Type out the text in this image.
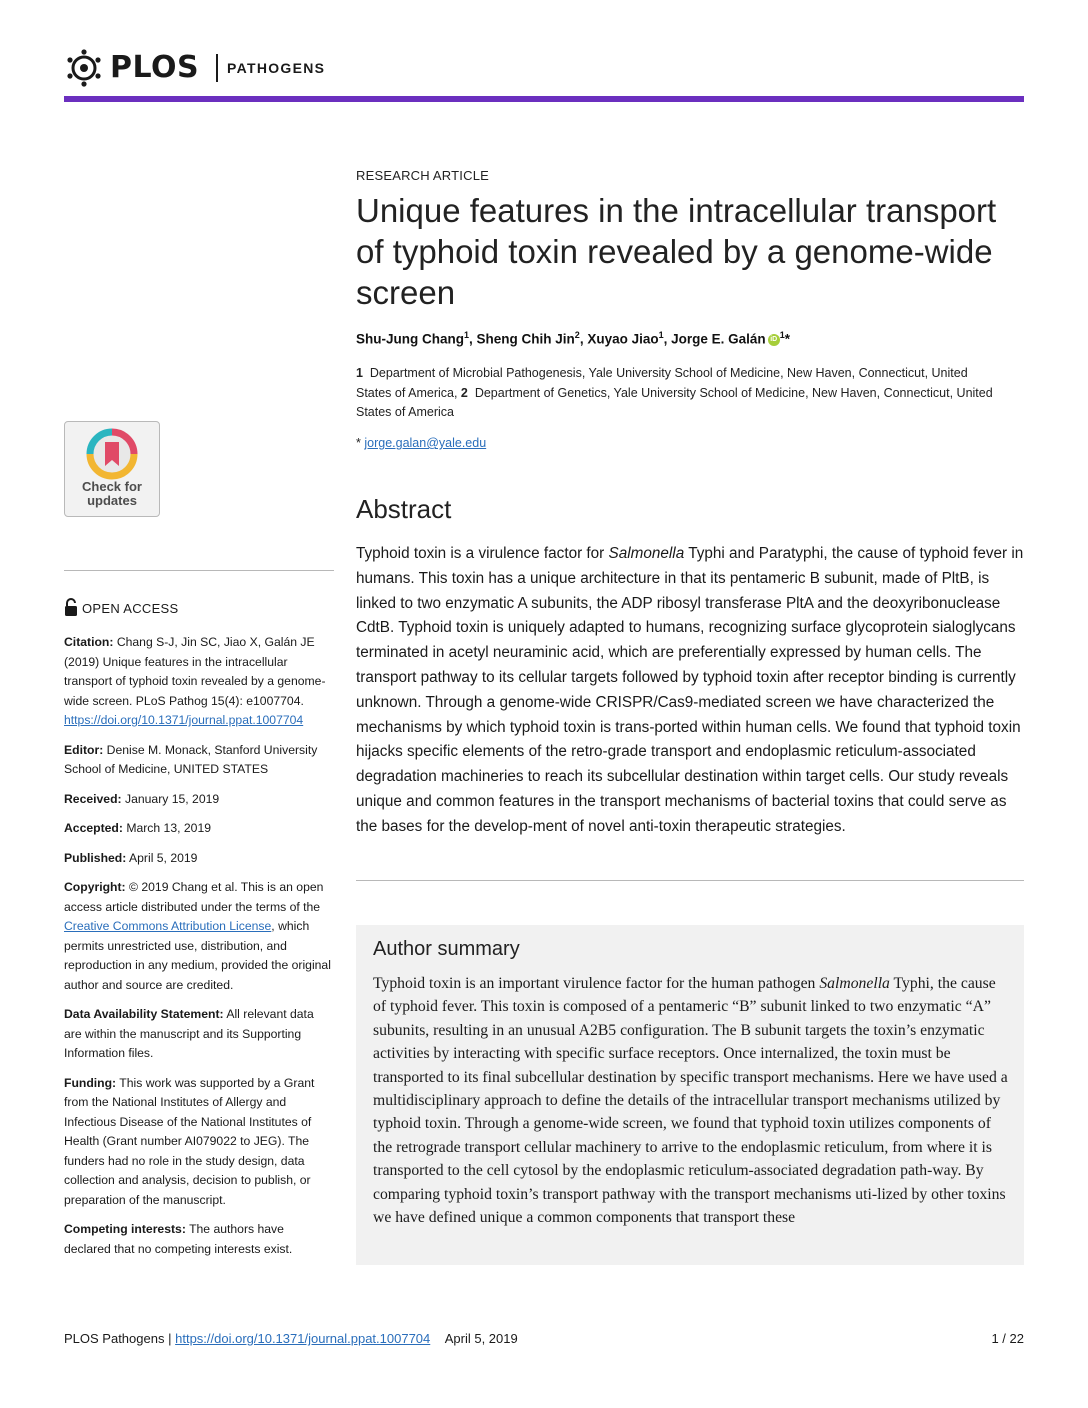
PLOS PATHOGENS
RESEARCH ARTICLE
Unique features in the intracellular transport of typhoid toxin revealed by a genome-wide screen
Shu-Jung Chang$^1$, Sheng Chih Jin$^2$, Xuyao Jiao$^1$, Jorge E. Galán iD $^1$*
1 Department of Microbial Pathogenesis, Yale University School of Medicine, New Haven, Connecticut, United States of America, 2 Department of Genetics, Yale University School of Medicine, New Haven, Connecticut, United States of America
* jorge.galan@yale.edu
Abstract
Typhoid toxin is a virulence factor for Salmonella Typhi and Paratyphi, the cause of typhoid fever in humans. This toxin has a unique architecture in that its pentameric B subunit, made of PltB, is linked to two enzymatic A subunits, the ADP ribosyl transferase PltA and the deoxyribonuclease CdtB. Typhoid toxin is uniquely adapted to humans, recognizing surface glycoprotein sialoglycans terminated in acetyl neuraminic acid, which are preferentially expressed by human cells. The transport pathway to its cellular targets followed by typhoid toxin after receptor binding is currently unknown. Through a genome-wide CRISPR/Cas9-mediated screen we have characterized the mechanisms by which typhoid toxin is trans-ported within human cells. We found that typhoid toxin hijacks specific elements of the retro-grade transport and endoplasmic reticulum-associated degradation machineries to reach its subcellular destination within target cells. Our study reveals unique and common features in the transport mechanisms of bacterial toxins that could serve as the bases for the develop-ment of novel anti-toxin therapeutic strategies.
Author summary
Typhoid toxin is an important virulence factor for the human pathogen Salmonella Typhi, the cause of typhoid fever. This toxin is composed of a pentameric “B” subunit linked to two enzymatic “A” subunits, resulting in an unusual A2B5 configuration. The B subunit targets the toxin’s enzymatic activities by interacting with specific surface receptors. Once internalized, the toxin must be transported to its final subcellular destination by specific transport mechanisms. Here we have used a multidisciplinary approach to define the details of the intracellular transport mechanisms utilized by typhoid toxin. Through a genome-wide screen, we found that typhoid toxin utilizes components of the retrograde transport cellular machinery to arrive to the endoplasmic reticulum, from where it is transported to the cell cytosol by the endoplasmic reticulum-associated degradation path-way. By comparing typhoid toxin’s transport pathway with the transport mechanisms uti-lized by other toxins we have defined unique a common components that transport these
Check for updates
OPEN ACCESS
Citation: Chang S-J, Jin SC, Jiao X, Galán JE (2019) Unique features in the intracellular transport of typhoid toxin revealed by a genome-wide screen. PLoS Pathog 15(4): e1007704. https://doi.org/10.1371/journal.ppat.1007704
Editor: Denise M. Monack, Stanford University School of Medicine, UNITED STATES
Received: January 15, 2019
Accepted: March 13, 2019
Published: April 5, 2019
Copyright: © 2019 Chang et al. This is an open access article distributed under the terms of the Creative Commons Attribution License, which permits unrestricted use, distribution, and reproduction in any medium, provided the original author and source are credited.
Data Availability Statement: All relevant data are within the manuscript and its Supporting Information files.
Funding: This work was supported by a Grant from the National Institutes of Allergy and Infectious Disease of the National Institutes of Health (Grant number AI079022 to JEG). The funders had no role in the study design, data collection and analysis, decision to publish, or preparation of the manuscript.
Competing interests: The authors have declared that no competing interests exist.
PLOS Pathogens | https://doi.org/10.1371/journal.ppat.1007704 April 5, 2019	1 / 22
